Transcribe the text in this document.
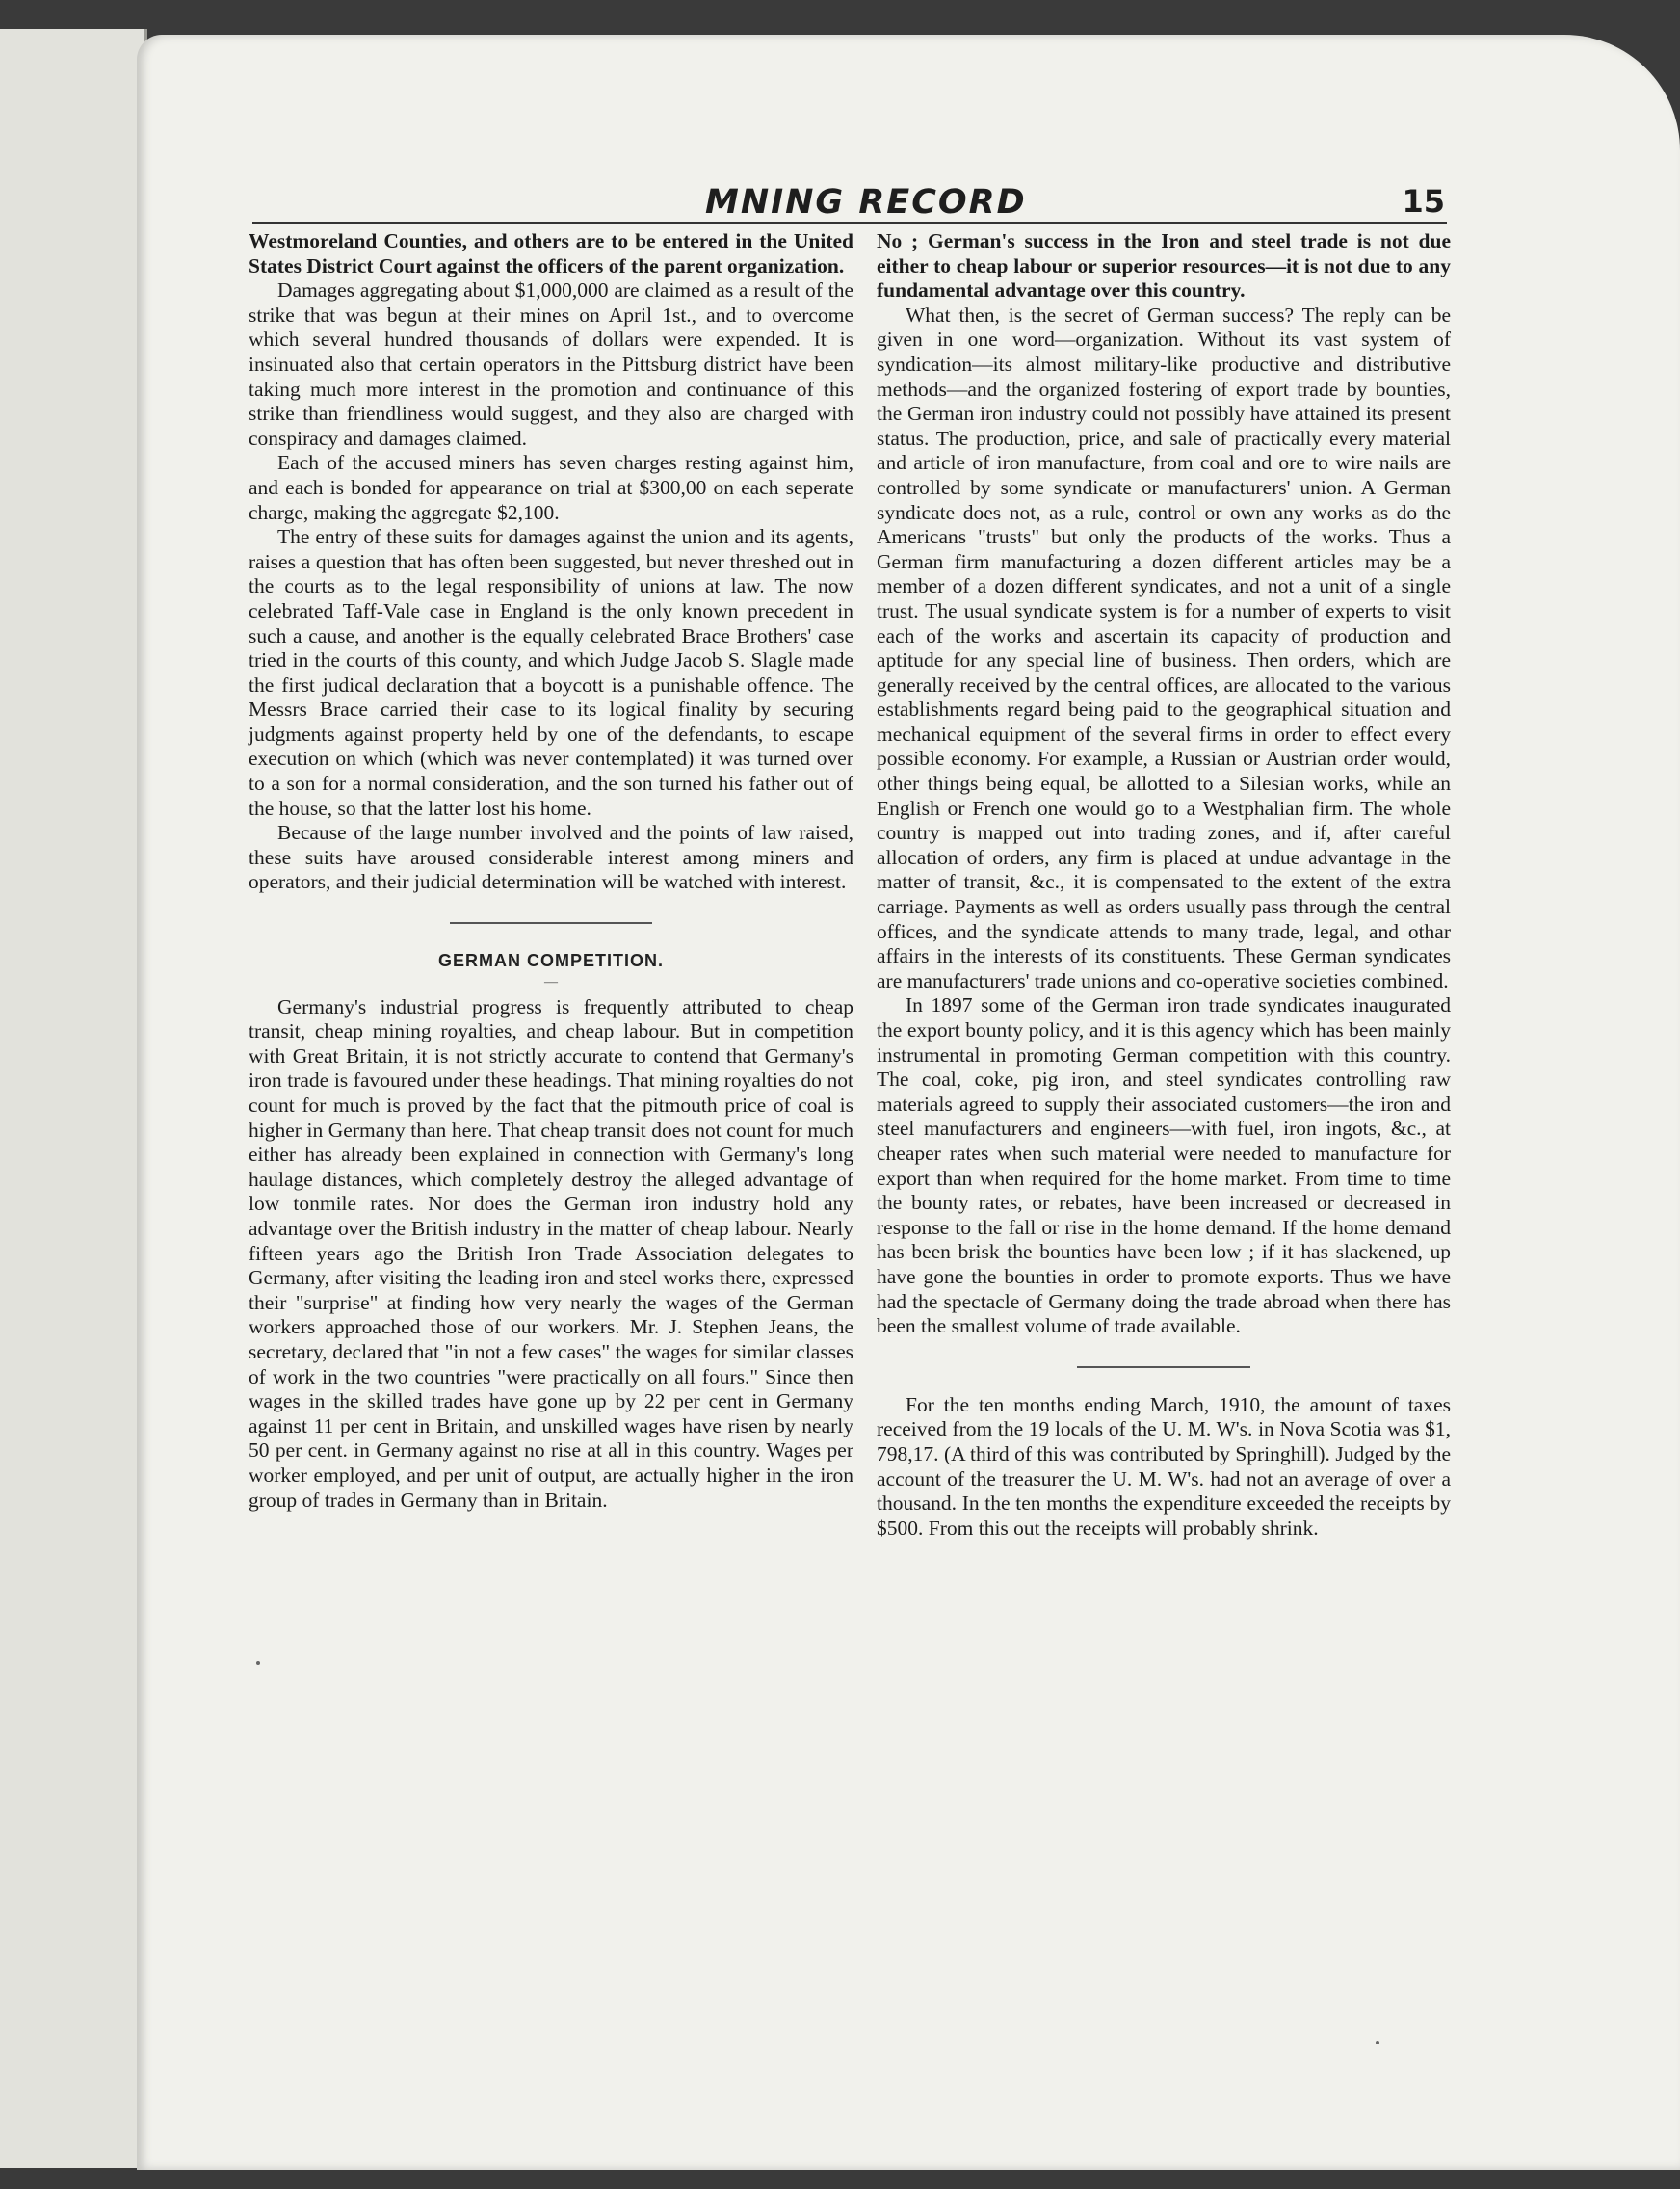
MNING RECORD	15

Westmoreland Counties, and others are to be entered in the United States District Court against the officers of the parent organization.

Damages aggregating about $1,000,000 are claimed as a result of the strike that was begun at their mines on April 1st., and to overcome which several hundred thousands of dollars were expended. It is insinuated also that certain operators in the Pittsburg district have been taking much more interest in the promotion and continuance of this strike than friendliness would suggest, and they also are charged with conspiracy and damages claimed.

Each of the accused miners has seven charges resting against him, and each is bonded for appearance on trial at $300,00 on each seperate charge, making the aggregate $2,100.

The entry of these suits for damages against the union and its agents, raises a question that has often been suggested, but never threshed out in the courts as to the legal responsibility of unions at law. The now celebrated Taff-Vale case in England is the only known precedent in such a cause, and another is the equally celebrated Brace Brothers' case tried in the courts of this county, and which Judge Jacob S. Slagle made the first judical declaration that a boycott is a punishable offence. The Messrs Brace carried their case to its logical finality by securing judgments against property held by one of the defendants, to escape execution on which (which was never contemplated) it was turned over to a son for a normal consideration, and the son turned his father out of the house, so that the latter lost his home.

Because of the large number involved and the points of law raised, these suits have aroused considerable interest among miners and operators, and their judicial determination will be watched with interest.

GERMAN COMPETITION.
—

Germany's industrial progress is frequently attributed to cheap transit, cheap mining royalties, and cheap labour. But in competition with Great Britain, it is not strictly accurate to contend that Germany's iron trade is favoured under these headings. That mining royalties do not count for much is proved by the fact that the pitmouth price of coal is higher in Germany than here. That cheap transit does not count for much either has already been explained in connection with Germany's long haulage distances, which completely destroy the alleged advantage of low tonmile rates. Nor does the German iron industry hold any advantage over the British industry in the matter of cheap labour. Nearly fifteen years ago the British Iron Trade Association delegates to Germany, after visiting the leading iron and steel works there, expressed their "surprise" at finding how very nearly the wages of the German workers approached those of our workers. Mr. J. Stephen Jeans, the secretary, declared that "in not a few cases" the wages for similar classes of work in the two countries "were practically on all fours." Since then wages in the skilled trades have gone up by 22 per cent in Germany against 11 per cent in Britain, and unskilled wages have risen by nearly 50 per cent. in Germany against no rise at all in this country. Wages per worker employed, and per unit of output, are actually higher in the iron group of trades in Germany than in Britain.

No ; German's success in the Iron and steel trade is not due either to cheap labour or superior resources—it is not due to any fundamental advantage over this country.

What then, is the secret of German success? The reply can be given in one word—organization. Without its vast system of syndication—its almost military-like productive and distributive methods—and the organized fostering of export trade by bounties, the German iron industry could not possibly have attained its present status. The production, price, and sale of practically every material and article of iron manufacture, from coal and ore to wire nails are controlled by some syndicate or manufacturers' union. A German syndicate does not, as a rule, control or own any works as do the Americans "trusts" but only the products of the works. Thus a German firm manufacturing a dozen different articles may be a member of a dozen different syndicates, and not a unit of a single trust. The usual syndicate system is for a number of experts to visit each of the works and ascertain its capacity of production and aptitude for any special line of business. Then orders, which are generally received by the central offices, are allocated to the various establishments regard being paid to the geographical situation and mechanical equipment of the several firms in order to effect every possible economy. For example, a Russian or Austrian order would, other things being equal, be allotted to a Silesian works, while an English or French one would go to a Westphalian firm. The whole country is mapped out into trading zones, and if, after careful allocation of orders, any firm is placed at undue advantage in the matter of transit, &c., it is compensated to the extent of the extra carriage. Payments as well as orders usually pass through the central offices, and the syndicate attends to many trade, legal, and othar affairs in the interests of its constituents. These German syndicates are manufacturers' trade unions and co-operative societies combined.

In 1897 some of the German iron trade syndicates inaugurated the export bounty policy, and it is this agency which has been mainly instrumental in promoting German competition with this country. The coal, coke, pig iron, and steel syndicates controlling raw materials agreed to supply their associated customers—the iron and steel manufacturers and engineers—with fuel, iron ingots, &c., at cheaper rates when such material were needed to manufacture for export than when required for the home market. From time to time the bounty rates, or rebates, have been increased or decreased in response to the fall or rise in the home demand. If the home demand has been brisk the bounties have been low ; if it has slackened, up have gone the bounties in order to promote exports. Thus we have had the spectacle of Germany doing the trade abroad when there has been the smallest volume of trade available.

For the ten months ending March, 1910, the amount of taxes received from the 19 locals of the U. M. W's. in Nova Scotia was $1, 798,17. (A third of this was contributed by Springhill). Judged by the account of the treasurer the U. M. W's. had not an average of over a thousand. In the ten months the expenditure exceeded the receipts by $500. From this out the receipts will probably shrink.
